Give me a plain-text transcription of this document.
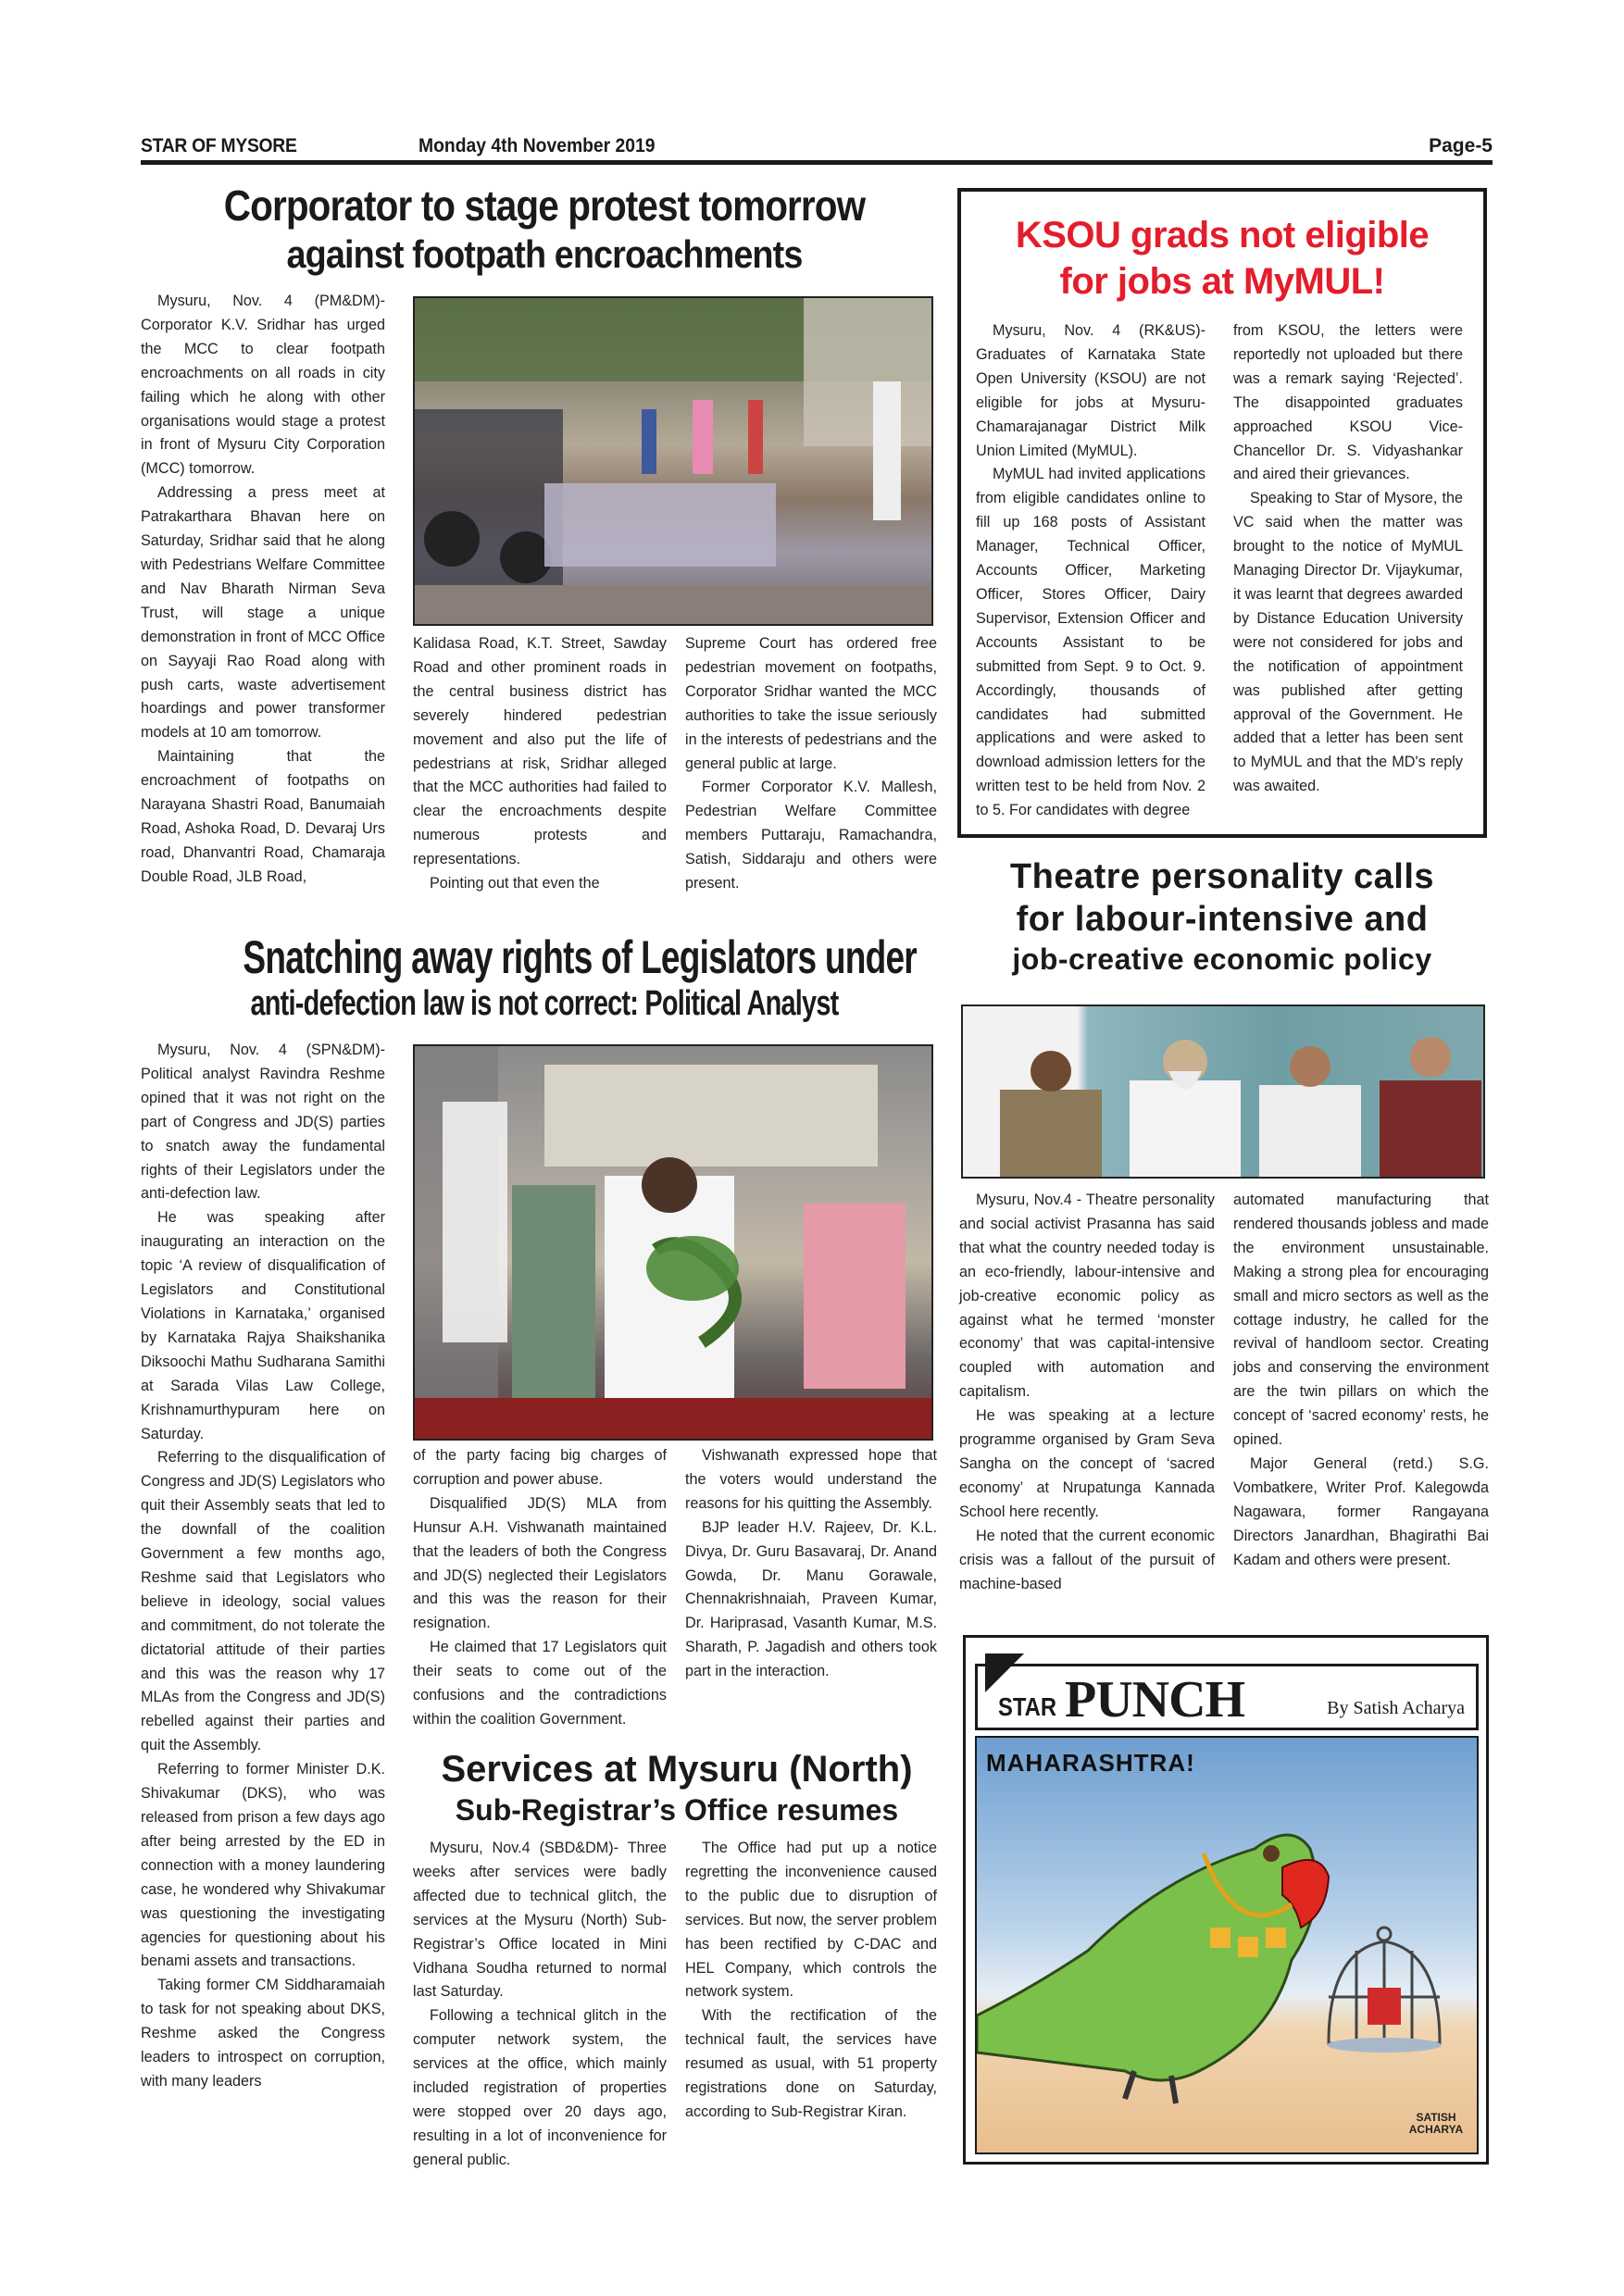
STAR OF MYSORE	Monday 4th November 2019	Page-5
Corporator to stage protest tomorrow
against footpath encroachments

Mysuru, Nov. 4 (PM&DM)- Corporator K.V. Sridhar has urged the MCC to clear footpath encroachments on all roads in city failing which he along with other organisations would stage a protest in front of Mysuru City Corporation (MCC) tomorrow.

Addressing a press meet at Patrakarthara Bhavan here on Saturday, Sridhar said that he along with Pedestrians Welfare Committee and Nav Bharath Nirman Seva Trust, will stage a unique demonstration in front of MCC Office on Sayyaji Rao Road along with push carts, waste advertisement hoardings and power transformer models at 10 am tomorrow.

Maintaining that the encroachment of footpaths on Narayana Shastri Road, Banumaiah Road, Ashoka Road, D. Devaraj Urs road, Dhanvantri Road, Chamaraja Double Road, JLB Road,

Kalidasa Road, K.T. Street, Sawday Road and other prominent roads in the central business district has severely hindered pedestrian movement and also put the life of pedestrians at risk, Sridhar alleged that the MCC authorities had failed to clear the encroachments despite numerous protests and representations.

Pointing out that even the

Supreme Court has ordered free pedestrian movement on footpaths, Corporator Sridhar wanted the MCC authorities to take the issue seriously in the interests of pedestrians and the general public at large.

Former Corporator K.V. Mallesh, Pedestrian Welfare Committee members Puttaraju, Ramachandra, Satish, Siddaraju and others were present.

KSOU grads not eligible
for jobs at MyMUL!

Mysuru, Nov. 4 (RK&US)- Graduates of Karnataka State Open University (KSOU) are not eligible for jobs at Mysuru-Chamarajanagar District Milk Union Limited (MyMUL).

MyMUL had invited applications from eligible candidates online to fill up 168 posts of Assistant Manager, Technical Officer, Accounts Officer, Marketing Officer, Stores Officer, Dairy Supervisor, Extension Officer and Accounts Assistant to be submitted from Sept. 9 to Oct. 9. Accordingly, thousands of candidates had submitted applications and were asked to download admission letters for the written test to be held from Nov. 2 to 5. For candidates with degree

from KSOU, the letters were reportedly not uploaded but there was a remark saying ‘Rejected’. The disappointed graduates approached KSOU Vice-Chancellor Dr. S. Vidyashankar and aired their grievances.

Speaking to Star of Mysore, the VC said when the matter was brought to the notice of MyMUL Managing Director Dr. Vijaykumar, it was learnt that degrees awarded by Distance Education University were not considered for jobs and the notification of appointment was published after getting approval of the Government. He added that a letter has been sent to MyMUL and that the MD's reply was awaited.

Snatching away rights of Legislators under
anti-defection law is not correct: Political Analyst

Mysuru, Nov. 4 (SPN&DM)- Political analyst Ravindra Reshme opined that it was not right on the part of Congress and JD(S) parties to snatch away the fundamental rights of their Legislators under the anti-defection law.

He was speaking after inaugurating an interaction on the topic ‘A review of disqualification of Legislators and Constitutional Violations in Karnataka,’ organised by Karnataka Rajya Shaikshanika Diksoochi Mathu Sudharana Samithi at Sarada Vilas Law College, Krishnamurthypuram here on Saturday.

Referring to the disqualification of Congress and JD(S) Legislators who quit their Assembly seats that led to the downfall of the coalition Government a few months ago, Reshme said that Legislators who believe in ideology, social values and commitment, do not tolerate the dictatorial attitude of their parties and this was the reason why 17 MLAs from the Congress and JD(S) rebelled against their parties and quit the Assembly.

Referring to former Minister D.K. Shivakumar (DKS), who was released from prison a few days ago after being arrested by the ED in connection with a money laundering case, he wondered why Shivakumar was questioning the investigating agencies for questioning about his benami assets and transactions.

Taking former CM Siddharamaiah to task for not speaking about DKS, Reshme asked the Congress leaders to introspect on corruption, with many leaders

of the party facing big charges of corruption and power abuse.

Disqualified JD(S) MLA from Hunsur A.H. Vishwanath maintained that the leaders of both the Congress and JD(S) neglected their Legislators and this was the reason for their resignation.

He claimed that 17 Legislators quit their seats to come out of the confusions and the contradictions within the coalition Government.

Vishwanath expressed hope that the voters would understand the reasons for his quitting the Assembly.

BJP leader H.V. Rajeev, Dr. K.L. Divya, Dr. Guru Basavaraj, Dr. Anand Gowda, Dr. Manu Gorawale, Chennakrishnaiah, Praveen Kumar, Dr. Hariprasad, Vasanth Kumar, M.S. Sharath, P. Jagadish and others took part in the interaction.

Services at Mysuru (North)
Sub-Registrar’s Office resumes

Mysuru, Nov.4 (SBD&DM)- Three weeks after services were badly affected due to technical glitch, the services at the Mysuru (North) Sub-Registrar’s Office located in Mini Vidhana Soudha returned to normal last Saturday.

Following a technical glitch in the computer network system, the services at the office, which mainly included registration of properties were stopped over 20 days ago, resulting in a lot of inconvenience for general public.

The Office had put up a notice regretting the inconvenience caused to the public due to disruption of services. But now, the server problem has been rectified by C-DAC and HEL Company, which controls the network system.

With the rectification of the technical fault, the services have resumed as usual, with 51 property registrations done on Saturday, according to Sub-Registrar Kiran.

Theatre personality calls
for labour-intensive and
job-creative economic policy

Mysuru, Nov.4 - Theatre personality and social activist Prasanna has said that what the country needed today is an eco-friendly, labour-intensive and job-creative economic policy as against what he termed ‘monster economy’ that was capital-intensive coupled with automation and capitalism.

He was speaking at a lecture programme organised by Gram Seva Sangha on the concept of ‘sacred economy’ at Nrupatunga Kannada School here recently.

He noted that the current economic crisis was a fallout of the pursuit of machine-based

automated manufacturing that rendered thousands jobless and made the environment unsustainable. Making a strong plea for encouraging small and micro sectors as well as the cottage industry, he called for the revival of handloom sector. Creating jobs and conserving the environment are the twin pillars on which the concept of ‘sacred economy’ rests, he opined.

Major General (retd.) S.G. Vombatkere, Writer Prof. Kalegowda Nagawara, former Rangayana Directors Janardhan, Bhagirathi Bai Kadam and others were present.

STAR PUNCH	By Satish Acharya
MAHARASHTRA!
SATISH ACHARYA
